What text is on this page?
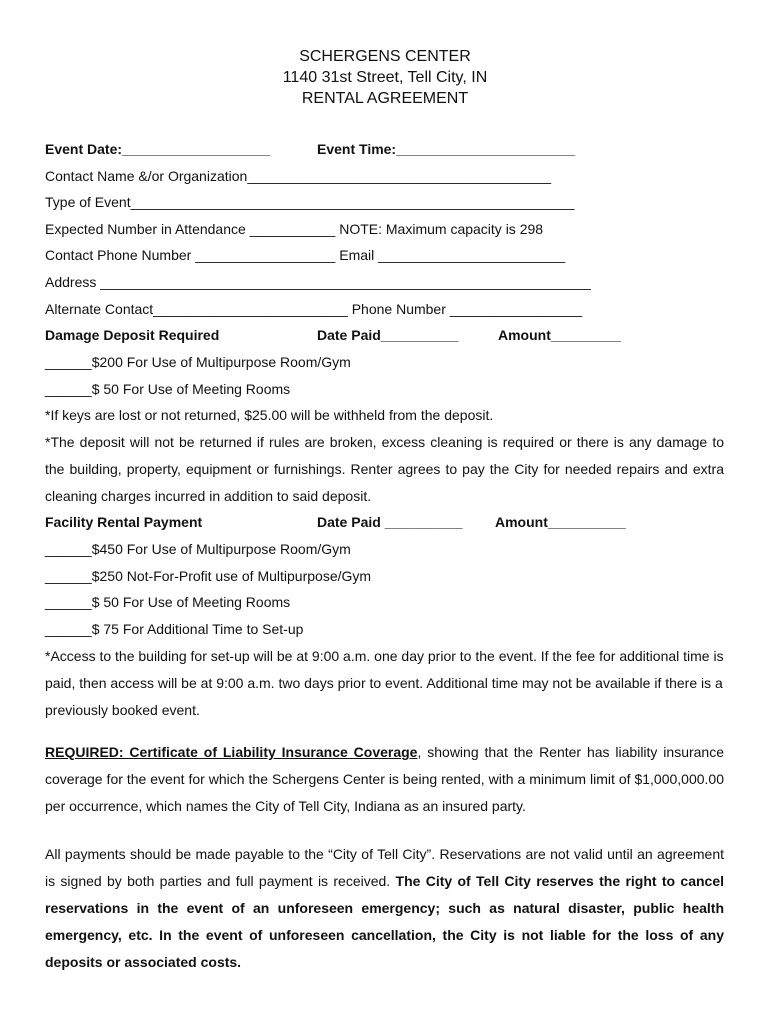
SCHERGENS CENTER
1140 31st Street, Tell City, IN
RENTAL AGREEMENT
Event Date:___________________	Event Time:_______________________
Contact Name &/or Organization_______________________________________
Type of Event_________________________________________________________
Expected Number in Attendance ___________ NOTE: Maximum capacity is 298
Contact Phone Number __________________ Email ________________________
Address _______________________________________________________________
Alternate Contact_________________________ Phone Number _________________
Damage Deposit Required	Date Paid__________	Amount_________
______$200 For Use of Multipurpose Room/Gym
______$ 50 For Use of Meeting Rooms
*If keys are lost or not returned, $25.00 will be withheld from the deposit.
*The deposit will not be returned if rules are broken, excess cleaning is required or there is any damage to the building, property, equipment or furnishings. Renter agrees to pay the City for needed repairs and extra cleaning charges incurred in addition to said deposit.
Facility Rental Payment	Date Paid __________ Amount__________
______$450 For Use of Multipurpose Room/Gym
______$250 Not-For-Profit use of Multipurpose/Gym
______$ 50 For Use of Meeting Rooms
______$ 75 For Additional Time to Set-up
*Access to the building for set-up will be at 9:00 a.m. one day prior to the event. If the fee for additional time is paid, then access will be at 9:00 a.m. two days prior to event. Additional time may not be available if there is a previously booked event.
REQUIRED: Certificate of Liability Insurance Coverage, showing that the Renter has liability insurance coverage for the event for which the Schergens Center is being rented, with a minimum limit of $1,000,000.00 per occurrence, which names the City of Tell City, Indiana as an insured party.
All payments should be made payable to the “City of Tell City”. Reservations are not valid until an agreement is signed by both parties and full payment is received. The City of Tell City reserves the right to cancel reservations in the event of an unforeseen emergency; such as natural disaster, public health emergency, etc. In the event of unforeseen cancellation, the City is not liable for the loss of any deposits or associated costs.
